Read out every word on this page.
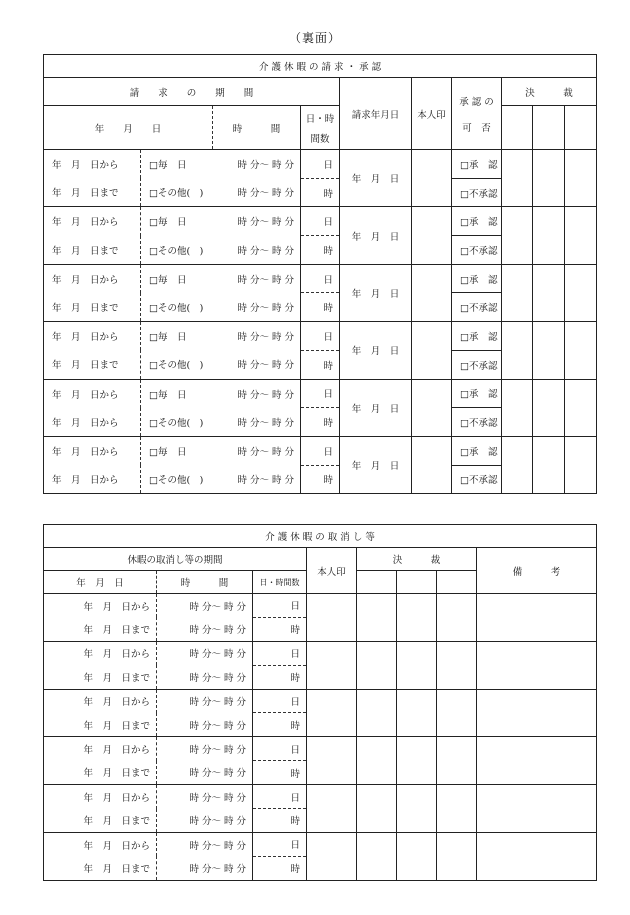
（裏面）
介 護 休 暇 の 請 求 ・ 承 認									
請　　求　　の　　期　　間				請求年月日	本人印	承 認 の
可　否	決　　　裁		
年　　月　　日		時　　　間	日・時
間数						

年　月　日から	□毎　日	時 分～ 時 分	日	年　月　日		□承　認			
年　月　日まで	□その他(　)	時 分～ 時 分	時			□不承認			
年　月　日から	□毎　日	時 分～ 時 分	日	年　月　日		□承　認			
年　月　日まで	□その他(　)	時 分～ 時 分	時			□不承認			
年　月　日から	□毎　日	時 分～ 時 分	日	年　月　日		□承　認			
年　月　日まで	□その他(　)	時 分～ 時 分	時			□不承認			
年　月　日から	□毎　日	時 分～ 時 分	日	年　月　日		□承　認			
年　月　日まで	□その他(　)	時 分～ 時 分	時			□不承認			
年　月　日から	□毎　日	時 分～ 時 分	日	年　月　日		□承　認			
年　月　日から	□その他(　)	時 分～ 時 分	時			□不承認			
年　月　日から	□毎　日	時 分～ 時 分	日	年　月　日		□承　認			
年　月　日から	□その他(　)	時 分～ 時 分	時			□不承認			
介 護 休 暇 の 取 消 し 等							
休暇の取消し等の期間			本人印	決　　　裁			備　　　考
年　月　日	時　　　間	日・時間数					
年　月　日から	時 分～ 時 分	日					
年　月　日まで	時 分～ 時 分	時					
年　月　日から	時 分～ 時 分	日					
年　月　日まで	時 分～ 時 分	時					
年　月　日から	時 分～ 時 分	日					
年　月　日まで	時 分～ 時 分	時					
年　月　日から	時 分～ 時 分	日					
年　月　日まで	時 分～ 時 分	時					
年　月　日から	時 分～ 時 分	日					
年　月　日まで	時 分～ 時 分	時					
年　月　日から	時 分～ 時 分	日					
年　月　日まで	時 分～ 時 分	時					
